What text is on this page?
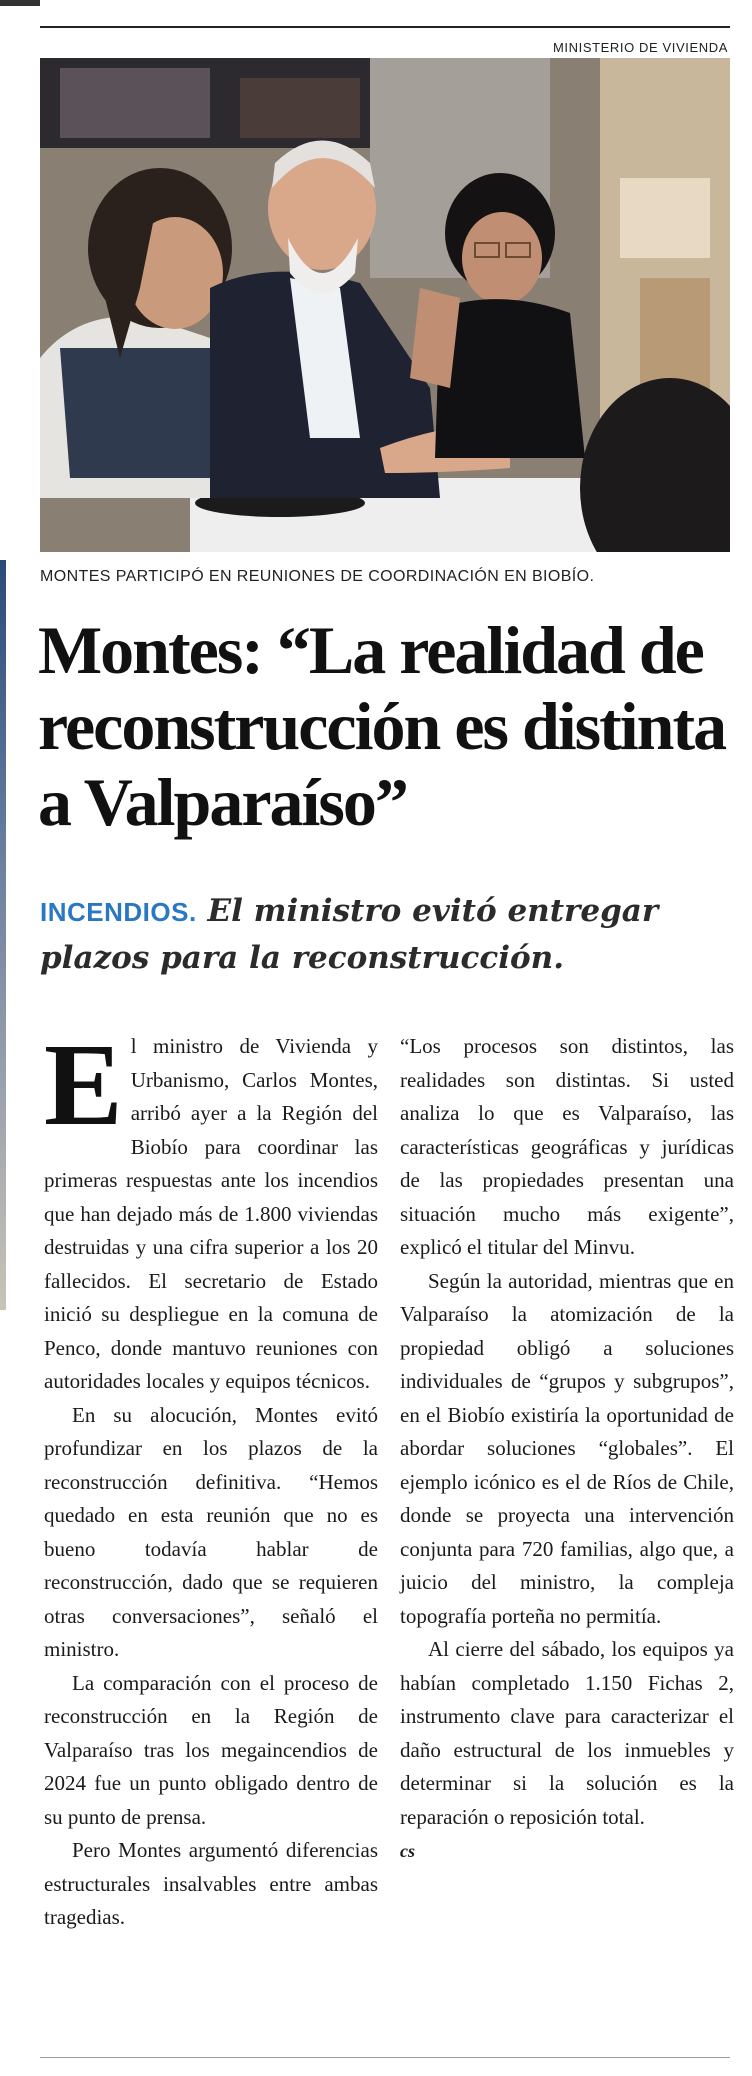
MINISTERIO DE VIVIENDA
MONTES PARTICIPÓ EN REUNIONES DE COORDINACIÓN EN BIOBÍO.
Montes: “La realidad de reconstrucción es distinta a Valparaíso”

INCENDIOS. El ministro evitó entregar plazos para la reconstrucción.

El ministro de Vivienda y Urbanismo, Carlos Montes, arribó ayer a la Región del Biobío para coordinar las primeras respuestas ante los incendios que han dejado más de 1.800 viviendas destruidas y una cifra superior a los 20 fallecidos. El secretario de Estado inició su despliegue en la comuna de Penco, donde mantuvo reuniones con autoridades locales y equipos técnicos.

En su alocución, Montes evitó profundizar en los plazos de la reconstrucción definitiva. “Hemos quedado en esta reunión que no es bueno todavía hablar de reconstrucción, dado que se requieren otras conversaciones”, señaló el ministro.

La comparación con el proceso de reconstrucción en la Región de Valparaíso tras los megaincendios de 2024 fue un punto obligado dentro de su punto de prensa.

Pero Montes argumentó diferencias estructurales insalvables entre ambas tragedias.

“Los procesos son distintos, las realidades son distintas. Si usted analiza lo que es Valparaíso, las características geográficas y jurídicas de las propiedades presentan una situación mucho más exigente”, explicó el titular del Minvu.

Según la autoridad, mientras que en Valparaíso la atomización de la propiedad obligó a soluciones individuales de “grupos y subgrupos”, en el Biobío existiría la oportunidad de abordar soluciones “globales”. El ejemplo icónico es el de Ríos de Chile, donde se proyecta una intervención conjunta para 720 familias, algo que, a juicio del ministro, la compleja topografía porteña no permitía.

Al cierre del sábado, los equipos ya habían completado 1.150 Fichas 2, instrumento clave para caracterizar el daño estructural de los inmuebles y determinar si la solución es la reparación o reposición total.
cs
